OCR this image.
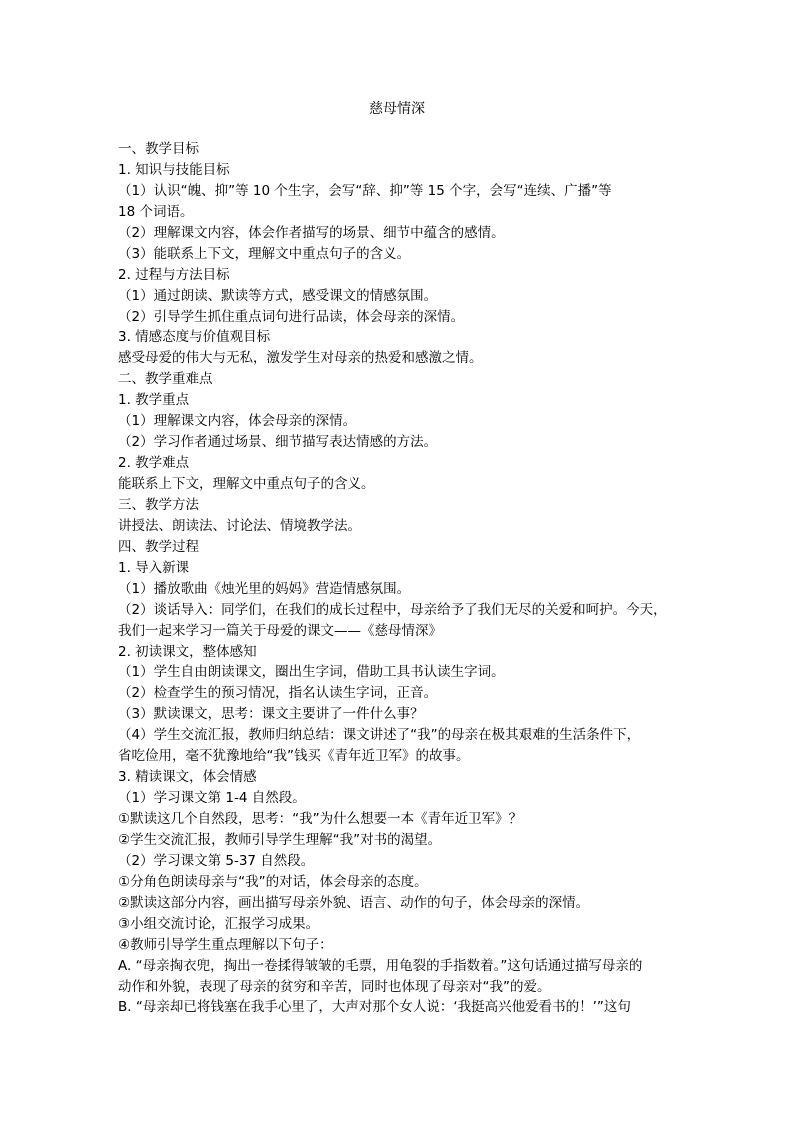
慈母情深
一、教学目标
1. 知识与技能目标
（1）认识“魄、抑”等 10 个生字，会写“辞、抑”等 15 个字，会写“连续、广播”等
18 个词语。
（2）理解课文内容，体会作者描写的场景、细节中蕴含的感情。
（3）能联系上下文，理解文中重点句子的含义。
2. 过程与方法目标
（1）通过朗读、默读等方式，感受课文的情感氛围。
（2）引导学生抓住重点词句进行品读，体会母亲的深情。
3. 情感态度与价值观目标
感受母爱的伟大与无私，激发学生对母亲的热爱和感激之情。
二、教学重难点
1. 教学重点
（1）理解课文内容，体会母亲的深情。
（2）学习作者通过场景、细节描写表达情感的方法。
2. 教学难点
能联系上下文，理解文中重点句子的含义。
三、教学方法
讲授法、朗读法、讨论法、情境教学法。
四、教学过程
1. 导入新课
（1）播放歌曲《烛光里的妈妈》营造情感氛围。
（2）谈话导入：同学们，在我们的成长过程中，母亲给予了我们无尽的关爱和呵护。今天，
我们一起来学习一篇关于母爱的课文——《慈母情深》
2. 初读课文，整体感知
（1）学生自由朗读课文，圈出生字词，借助工具书认读生字词。
（2）检查学生的预习情况，指名认读生字词，正音。
（3）默读课文，思考：课文主要讲了一件什么事？
（4）学生交流汇报，教师归纳总结：课文讲述了“我”的母亲在极其艰难的生活条件下，
省吃俭用，毫不犹豫地给“我”钱买《青年近卫军》的故事。
3. 精读课文，体会情感
（1）学习课文第 1-4 自然段。
①默读这几个自然段，思考：“我”为什么想要一本《青年近卫军》？
②学生交流汇报，教师引导学生理解“我”对书的渴望。
（2）学习课文第 5-37 自然段。
①分角色朗读母亲与“我”的对话，体会母亲的态度。
②默读这部分内容，画出描写母亲外貌、语言、动作的句子，体会母亲的深情。
③小组交流讨论，汇报学习成果。
④教师引导学生重点理解以下句子：
A. “母亲掏衣兜，掏出一卷揉得皱皱的毛票，用龟裂的手指数着。”这句话通过描写母亲的
动作和外貌，表现了母亲的贫穷和辛苦，同时也体现了母亲对“我”的爱。
B. “母亲却已将钱塞在我手心里了，大声对那个女人说：‘我挺高兴他爱看书的！’”这句
